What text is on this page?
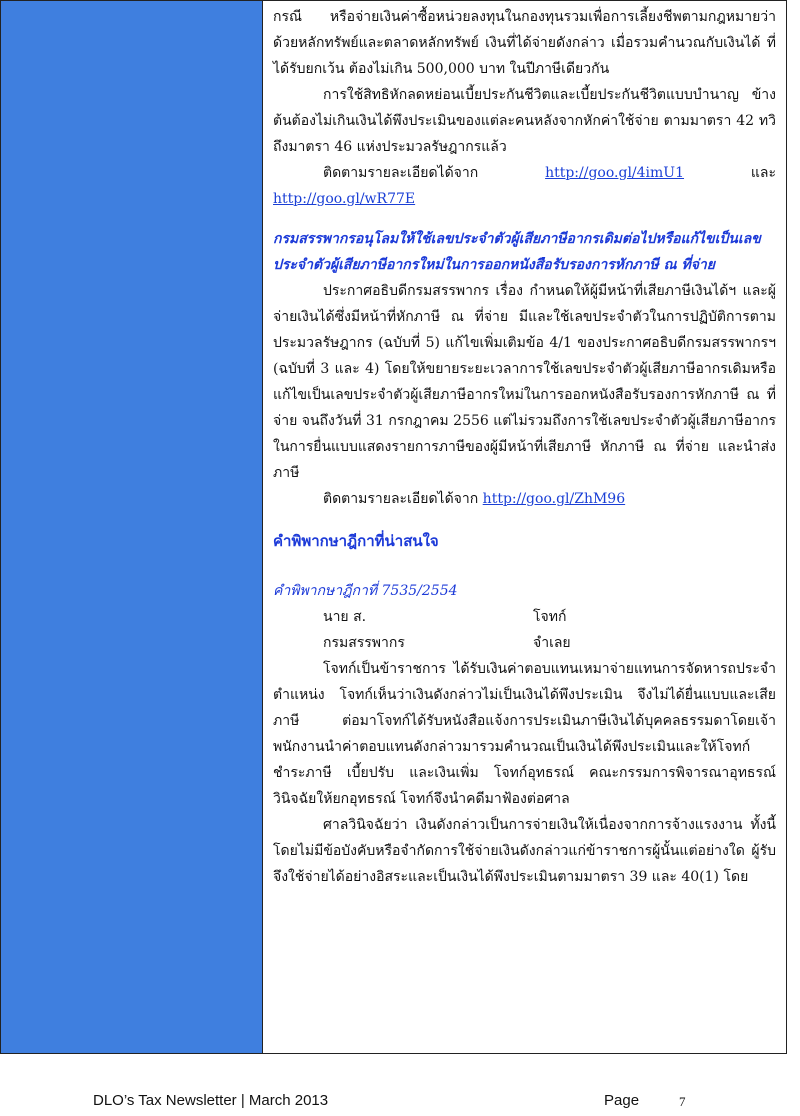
กรณี หรือจ่ายเงินค่าซื้อหน่วยลงทุนในกองทุนรวมเพื่อการเลี้ยงชีพตามกฎหมายว่า ด้วยหลักทรัพย์และตลาดหลักทรัพย์ เงินที่ได้จ่ายดังกล่าว เมื่อรวมคำนวณกับเงินได้ ที่ได้รับยกเว้น ต้องไม่เกิน 500,000 บาท ในปีภาษีเดียวกัน

การใช้สิทธิหักลดหย่อนเบี้ยประกันชีวิตและเบี้ยประกันชีวิตแบบบำนาญ ข้างต้นต้องไม่เกินเงินได้พึงประเมินของแต่ละคนหลังจากหักค่าใช้จ่าย ตามมาตรา 42 ทวิ ถึงมาตรา 46 แห่งประมวลรัษฎากรแล้ว

ติดตามรายละเอียดได้จาก	http://goo.gl/4imU1	และ http://goo.gl/wR77E

กรมสรรพากรอนุโลมให้ใช้เลขประจำตัวผู้เสียภาษีอากรเดิมต่อไปหรือแก้ไขเป็นเลขประจำตัวผู้เสียภาษีอากรใหม่ในการออกหนังสือรับรองการหักภาษี ณ ที่จ่าย

ประกาศอธิบดีกรมสรรพากร เรื่อง กำหนดให้ผู้มีหน้าที่เสียภาษีเงินได้ฯ และผู้จ่ายเงินได้ซึ่งมีหน้าที่หักภาษี ณ ที่จ่าย มีและใช้เลขประจำตัวในการปฏิบัติการตามประมวลรัษฎากร (ฉบับที่ 5) แก้ไขเพิ่มเติมข้อ 4/1 ของประกาศอธิบดีกรมสรรพากรฯ (ฉบับที่ 3 และ 4) โดยให้ขยายระยะเวลาการใช้เลขประจำตัวผู้เสียภาษีอากรเดิมหรือแก้ไขเป็นเลขประจำตัวผู้เสียภาษีอากรใหม่ในการออกหนังสือรับรองการหักภาษี ณ ที่จ่าย จนถึงวันที่ 31 กรกฎาคม 2556 แต่ไม่รวมถึงการใช้เลขประจำตัวผู้เสียภาษีอากรในการยื่นแบบแสดงรายการภาษีของผู้มีหน้าที่เสียภาษี หักภาษี ณ ที่จ่าย และนำส่งภาษี

ติดตามรายละเอียดได้จาก http://goo.gl/ZhM96

คำพิพากษาฎีกาที่น่าสนใจ

คำพิพากษาฎีกาที่ 7535/2554

นาย ส.	โจทก์
กรมสรรพากร	จำเลย

โจทก์เป็นข้าราชการ ได้รับเงินค่าตอบแทนเหมาจ่ายแทนการจัดหารถประจำตำแหน่ง โจทก์เห็นว่าเงินดังกล่าวไม่เป็นเงินได้พึงประเมิน จึงไม่ได้ยื่นแบบและเสียภาษี ต่อมาโจทก์ได้รับหนังสือแจ้งการประเมินภาษีเงินได้บุคคลธรรมดาโดยเจ้าพนักงานนำค่าตอบแทนดังกล่าวมารวมคำนวณเป็นเงินได้พึงประเมินและให้โจทก์ชำระภาษี เบี้ยปรับ และเงินเพิ่ม โจทก์อุทธรณ์ คณะกรรมการพิจารณาอุทธรณ์วินิจฉัยให้ยกอุทธรณ์ โจทก์จึงนำคดีมาฟ้องต่อศาล

ศาลวินิจฉัยว่า เงินดังกล่าวเป็นการจ่ายเงินให้เนื่องจากการจ้างแรงงาน ทั้งนี้โดยไม่มีข้อบังคับหรือจำกัดการใช้จ่ายเงินดังกล่าวแก่ข้าราชการผู้นั้นแต่อย่างใด ผู้รับจึงใช้จ่ายได้อย่างอิสระและเป็นเงินได้พึงประเมินตามมาตรา 39 และ 40(1) โดย

DLO’s Tax Newsletter | March 2013	Page	7
